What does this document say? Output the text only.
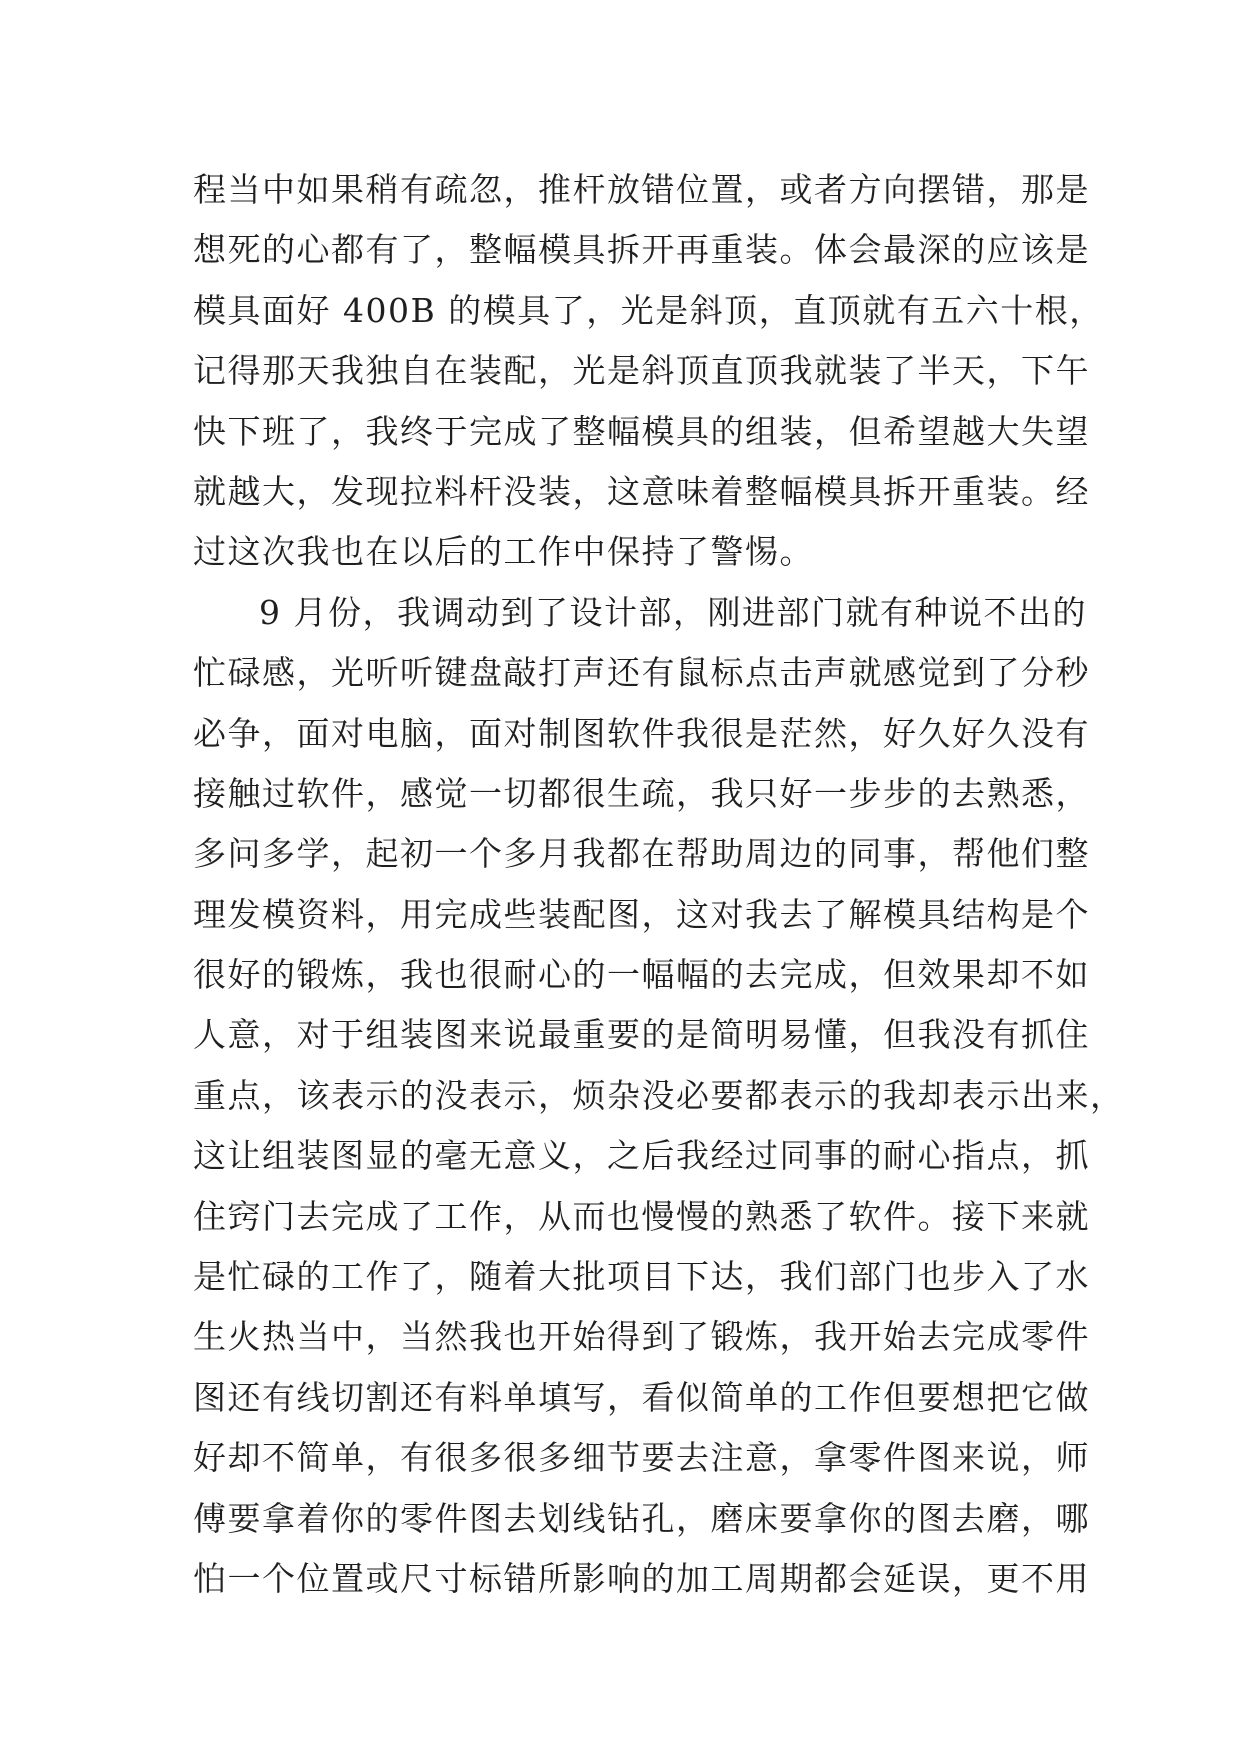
程当中如果稍有疏忽，推杆放错位置，或者方向摆错，那是
想死的心都有了，整幅模具拆开再重装。体会最深的应该是
模具面好 400B 的模具了，光是斜顶，直顶就有五六十根，
记得那天我独自在装配，光是斜顶直顶我就装了半天，下午
快下班了，我终于完成了整幅模具的组装，但希望越大失望
就越大，发现拉料杆没装，这意味着整幅模具拆开重装。经
过这次我也在以后的工作中保持了警惕。
9 月份，我调动到了设计部，刚进部门就有种说不出的
忙碌感，光听听键盘敲打声还有鼠标点击声就感觉到了分秒
必争，面对电脑，面对制图软件我很是茫然，好久好久没有
接触过软件，感觉一切都很生疏，我只好一步步的去熟悉，
多问多学，起初一个多月我都在帮助周边的同事，帮他们整
理发模资料，用完成些装配图，这对我去了解模具结构是个
很好的锻炼，我也很耐心的一幅幅的去完成，但效果却不如
人意，对于组装图来说最重要的是简明易懂，但我没有抓住
重点，该表示的没表示，烦杂没必要都表示的我却表示出来，
这让组装图显的毫无意义，之后我经过同事的耐心指点，抓
住窍门去完成了工作，从而也慢慢的熟悉了软件。接下来就
是忙碌的工作了，随着大批项目下达，我们部门也步入了水
生火热当中，当然我也开始得到了锻炼，我开始去完成零件
图还有线切割还有料单填写，看似简单的工作但要想把它做
好却不简单，有很多很多细节要去注意，拿零件图来说，师
傅要拿着你的零件图去划线钻孔，磨床要拿你的图去磨，哪
怕一个位置或尺寸标错所影响的加工周期都会延误，更不用
